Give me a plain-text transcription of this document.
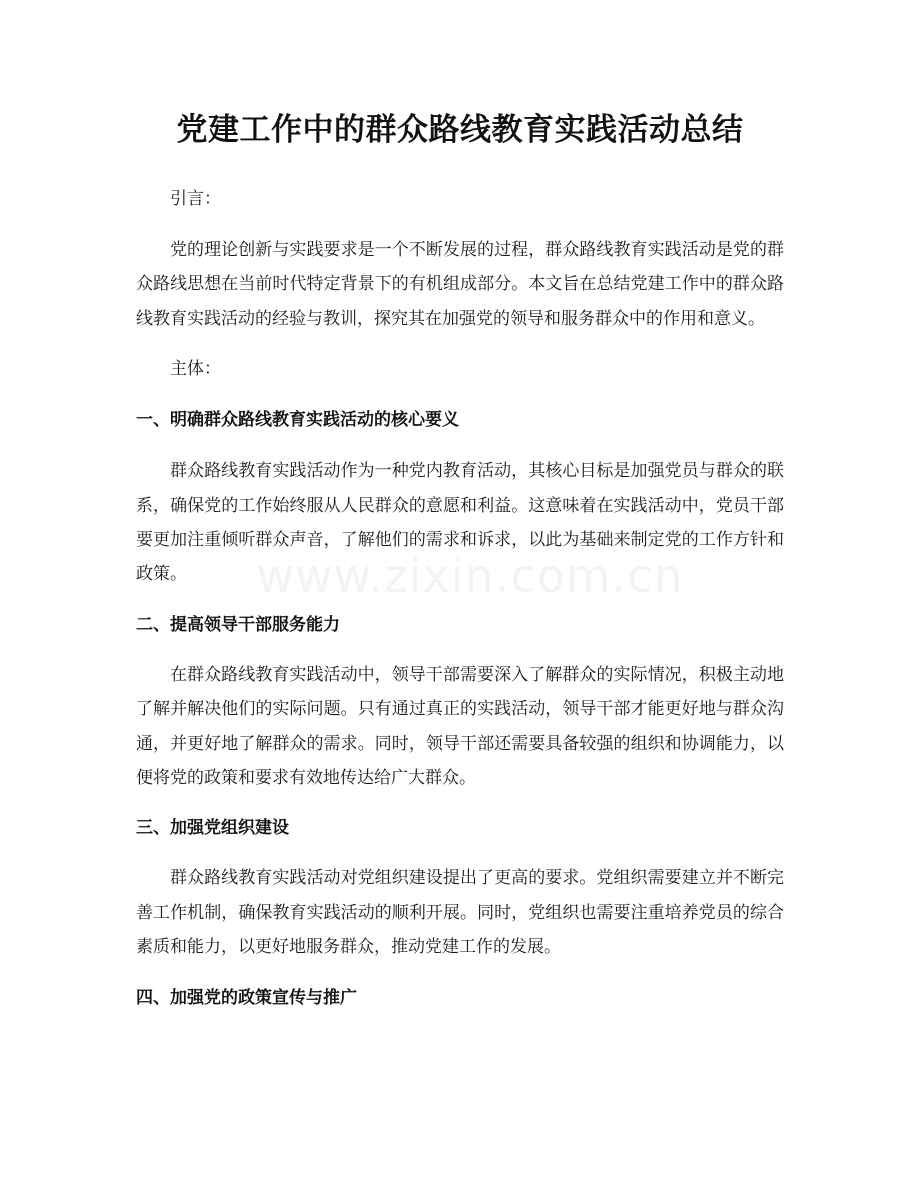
党建工作中的群众路线教育实践活动总结

引言：

党的理论创新与实践要求是一个不断发展的过程，群众路线教育实践活动是党的群众路线思想在当前时代特定背景下的有机组成部分。本文旨在总结党建工作中的群众路线教育实践活动的经验与教训，探究其在加强党的领导和服务群众中的作用和意义。

主体：

一、明确群众路线教育实践活动的核心要义

群众路线教育实践活动作为一种党内教育活动，其核心目标是加强党员与群众的联系，确保党的工作始终服从人民群众的意愿和利益。这意味着在实践活动中，党员干部要更加注重倾听群众声音，了解他们的需求和诉求，以此为基础来制定党的工作方针和政策。

二、提高领导干部服务能力

在群众路线教育实践活动中，领导干部需要深入了解群众的实际情况，积极主动地了解并解决他们的实际问题。只有通过真正的实践活动，领导干部才能更好地与群众沟通，并更好地了解群众的需求。同时，领导干部还需要具备较强的组织和协调能力，以便将党的政策和要求有效地传达给广大群众。

三、加强党组织建设

群众路线教育实践活动对党组织建设提出了更高的要求。党组织需要建立并不断完善工作机制，确保教育实践活动的顺利开展。同时，党组织也需要注重培养党员的综合素质和能力，以更好地服务群众，推动党建工作的发展。

四、加强党的政策宣传与推广
www.zixin.com.cn
